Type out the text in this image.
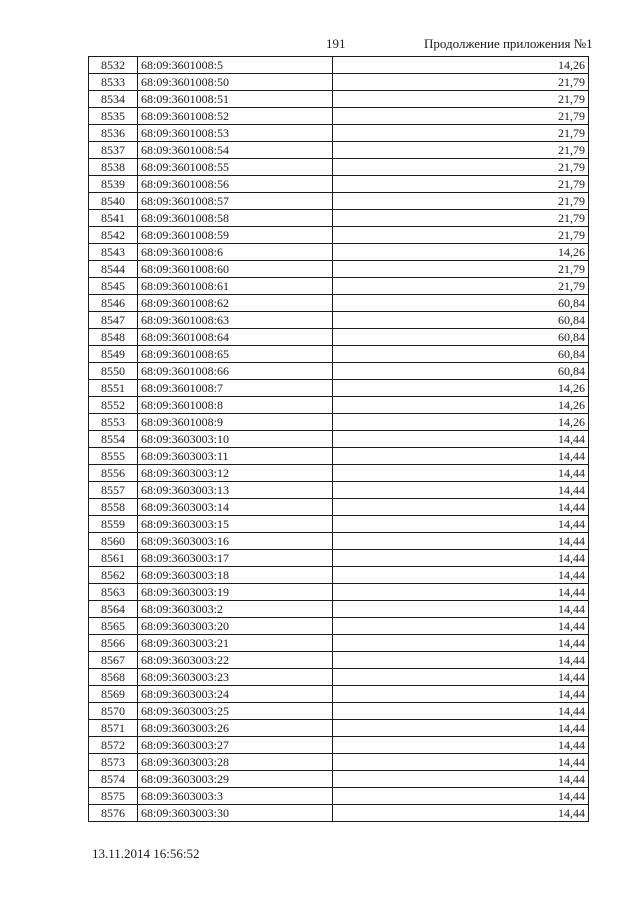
191	Продолжение приложения №1
8532	68:09:3601008:5	14,26
8533	68:09:3601008:50	21,79
8534	68:09:3601008:51	21,79
8535	68:09:3601008:52	21,79
8536	68:09:3601008:53	21,79
8537	68:09:3601008:54	21,79
8538	68:09:3601008:55	21,79
8539	68:09:3601008:56	21,79
8540	68:09:3601008:57	21,79
8541	68:09:3601008:58	21,79
8542	68:09:3601008:59	21,79
8543	68:09:3601008:6	14,26
8544	68:09:3601008:60	21,79
8545	68:09:3601008:61	21,79
8546	68:09:3601008:62	60,84
8547	68:09:3601008:63	60,84
8548	68:09:3601008:64	60,84
8549	68:09:3601008:65	60,84
8550	68:09:3601008:66	60,84
8551	68:09:3601008:7	14,26
8552	68:09:3601008:8	14,26
8553	68:09:3601008:9	14,26
8554	68:09:3603003:10	14,44
8555	68:09:3603003:11	14,44
8556	68:09:3603003:12	14,44
8557	68:09:3603003:13	14,44
8558	68:09:3603003:14	14,44
8559	68:09:3603003:15	14,44
8560	68:09:3603003:16	14,44
8561	68:09:3603003:17	14,44
8562	68:09:3603003:18	14,44
8563	68:09:3603003:19	14,44
8564	68:09:3603003:2	14,44
8565	68:09:3603003:20	14,44
8566	68:09:3603003:21	14,44
8567	68:09:3603003:22	14,44
8568	68:09:3603003:23	14,44
8569	68:09:3603003:24	14,44
8570	68:09:3603003:25	14,44
8571	68:09:3603003:26	14,44
8572	68:09:3603003:27	14,44
8573	68:09:3603003:28	14,44
8574	68:09:3603003:29	14,44
8575	68:09:3603003:3	14,44
8576	68:09:3603003:30	14,44
13.11.2014 16:56:52
